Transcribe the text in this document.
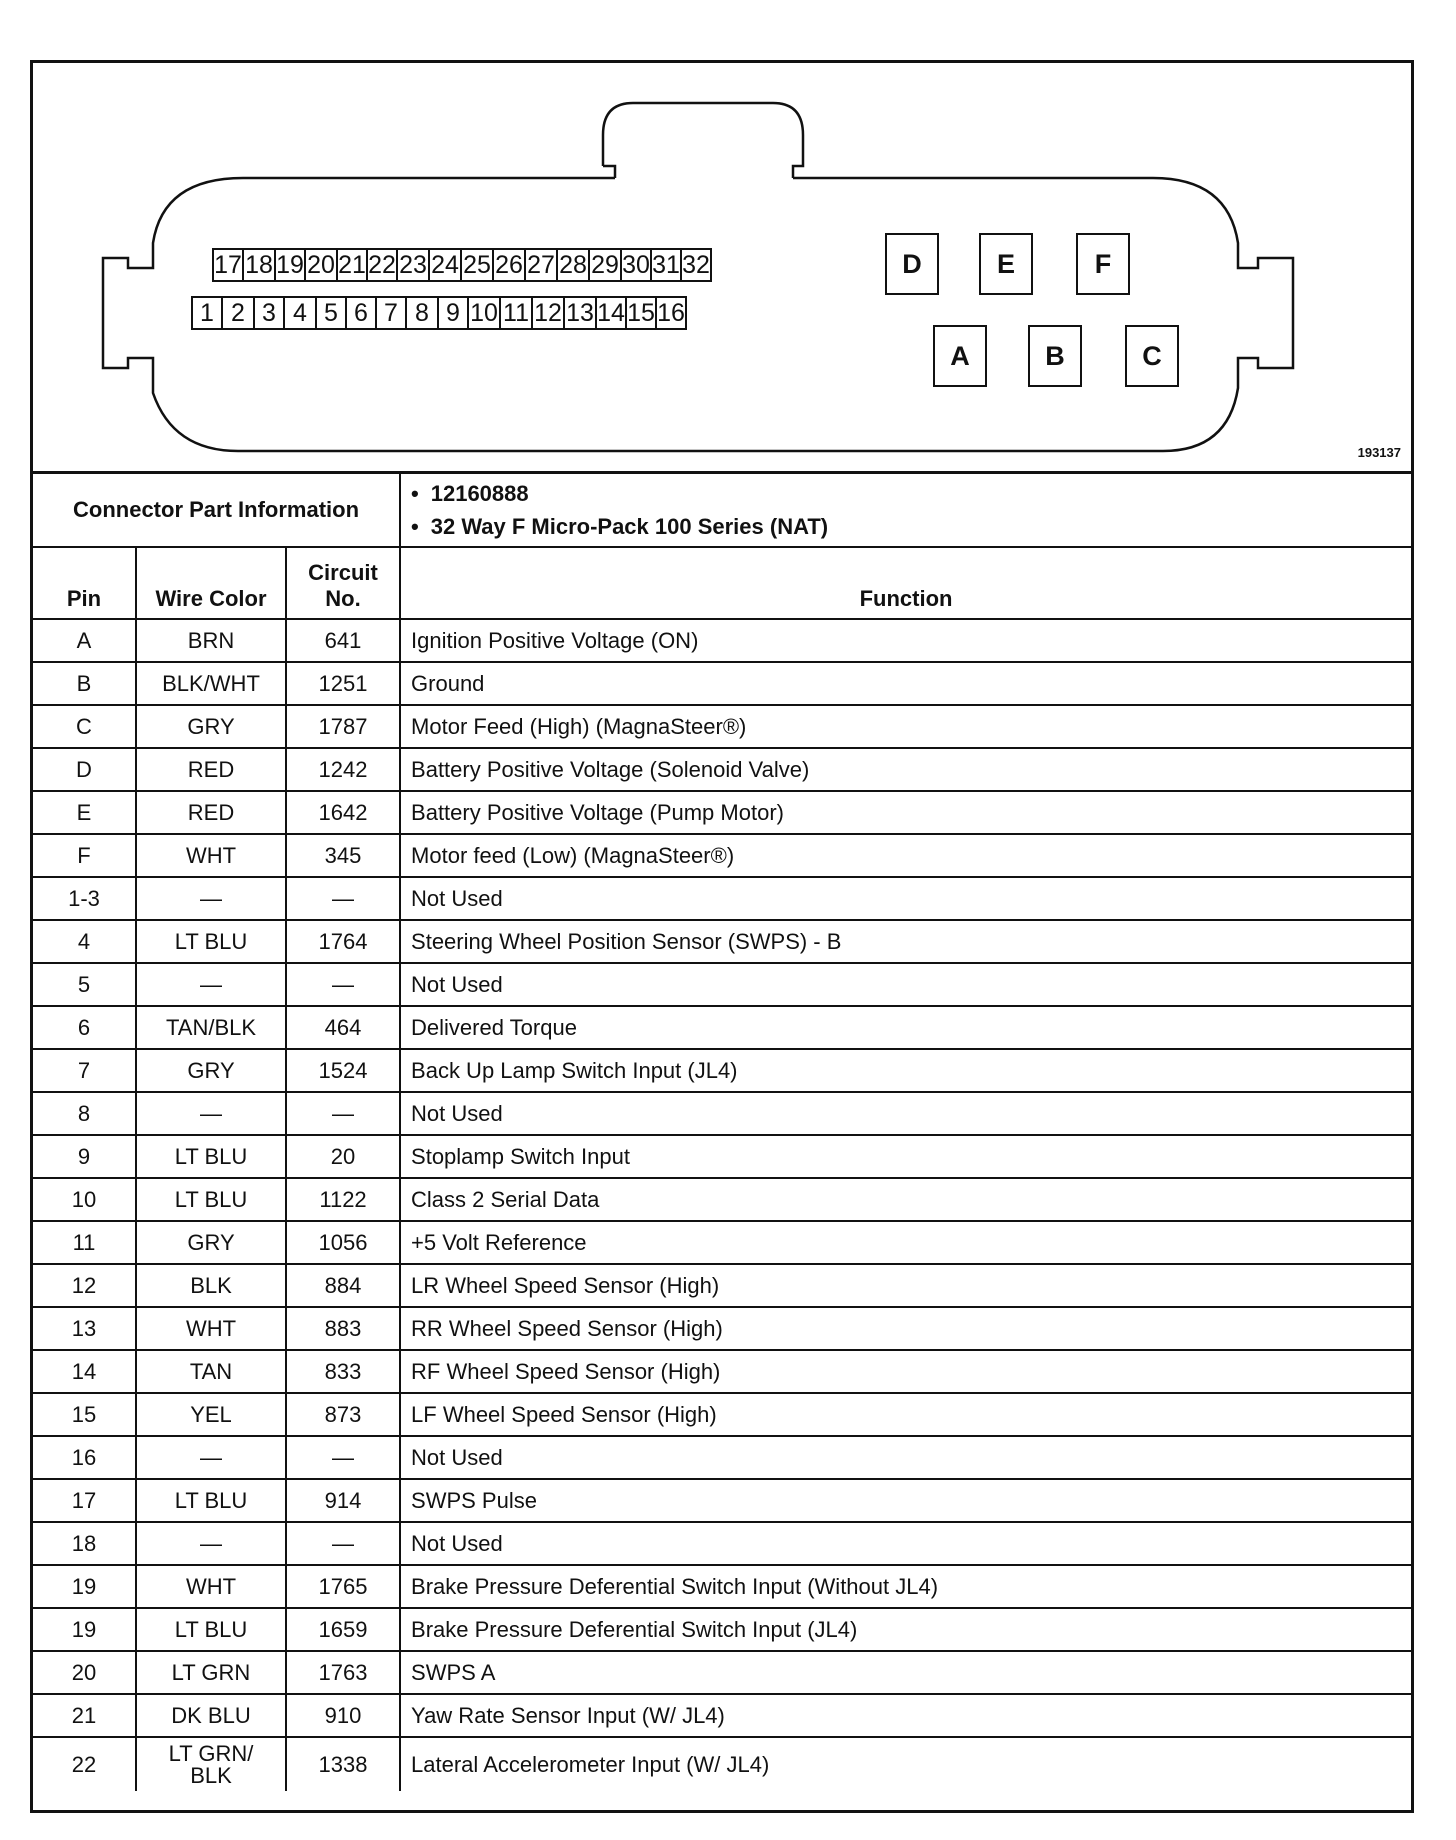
17 18 19 20 21 22 23 24 25 26 27 28 29 30 31 32
1 2 3 4 5 6 7 8 9 10 11 12 13 14 15 16
D	E	F
A	B	C
193137
Connector Part Information			• 12160888
• 32 Way F Micro-Pack 100 Series (NAT)

Pin	Wire Color	Circuit No.	Function
A	BRN	641	Ignition Positive Voltage (ON)
B	BLK/WHT	1251	Ground
C	GRY	1787	Motor Feed (High) (MagnaSteer®)
D	RED	1242	Battery Positive Voltage (Solenoid Valve)
E	RED	1642	Battery Positive Voltage (Pump Motor)
F	WHT	345	Motor feed (Low) (MagnaSteer®)
1-3	—	—	Not Used
4	LT BLU	1764	Steering Wheel Position Sensor (SWPS) - B
5	—	—	Not Used
6	TAN/BLK	464	Delivered Torque
7	GRY	1524	Back Up Lamp Switch Input (JL4)
8	—	—	Not Used
9	LT BLU	20	Stoplamp Switch Input
10	LT BLU	1122	Class 2 Serial Data
11	GRY	1056	+5 Volt Reference
12	BLK	884	LR Wheel Speed Sensor (High)
13	WHT	883	RR Wheel Speed Sensor (High)
14	TAN	833	RF Wheel Speed Sensor (High)
15	YEL	873	LF Wheel Speed Sensor (High)
16	—	—	Not Used
17	LT BLU	914	SWPS Pulse
18	—	—	Not Used
19	WHT	1765	Brake Pressure Deferential Switch Input (Without JL4)
19	LT BLU	1659	Brake Pressure Deferential Switch Input (JL4)
20	LT GRN	1763	SWPS A
21	DK BLU	910	Yaw Rate Sensor Input (W/ JL4)
22	LT GRN/ BLK	1338	Lateral Accelerometer Input (W/ JL4)
